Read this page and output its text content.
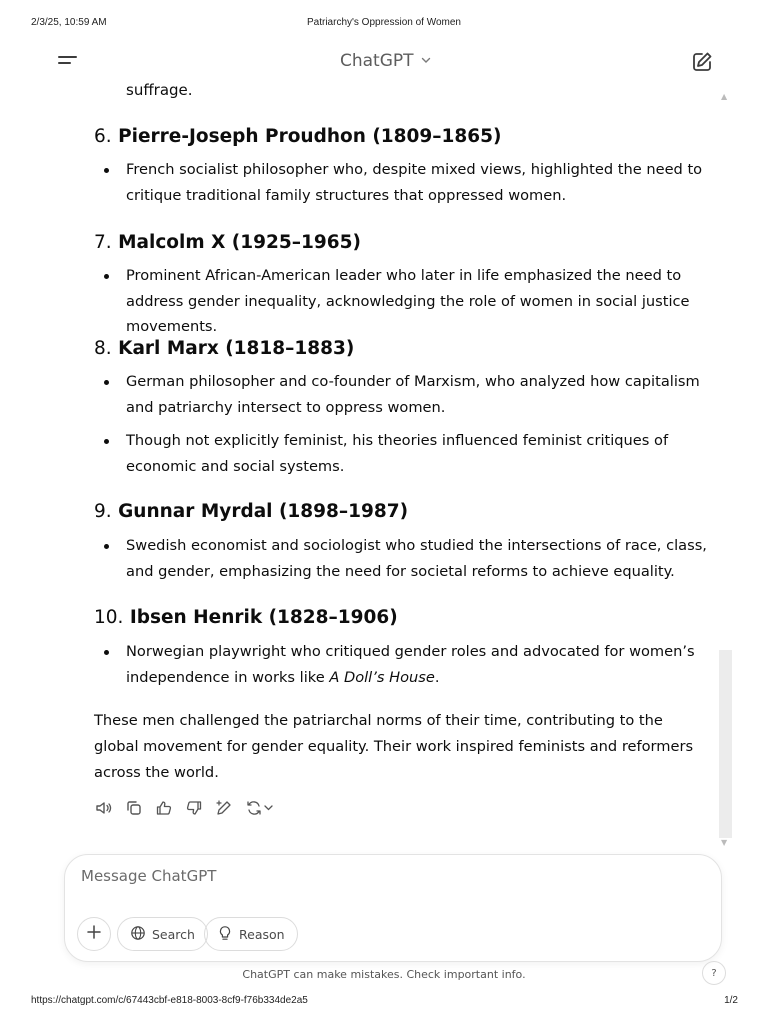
2/3/25, 10:59 AM	Patriarchy's Oppression of Women
ChatGPT
suffrage.
6. Pierre-Joseph Proudhon (1809–1865)
French socialist philosopher who, despite mixed views, highlighted the need to critique traditional family structures that oppressed women.
7. Malcolm X (1925–1965)
Prominent African-American leader who later in life emphasized the need to address gender inequality, acknowledging the role of women in social justice movements.
8. Karl Marx (1818–1883)
German philosopher and co-founder of Marxism, who analyzed how capitalism and patriarchy intersect to oppress women.
Though not explicitly feminist, his theories influenced feminist critiques of economic and social systems.
9. Gunnar Myrdal (1898–1987)
Swedish economist and sociologist who studied the intersections of race, class, and gender, emphasizing the need for societal reforms to achieve equality.
10. Ibsen Henrik (1828–1906)
Norwegian playwright who critiqued gender roles and advocated for women’s independence in works like A Doll’s House.
These men challenged the patriarchal norms of their time, contributing to the global movement for gender equality. Their work inspired feminists and reformers across the world.
▲
▼
Message ChatGPT
Search	Reason
ChatGPT can make mistakes. Check important info.	?
https://chatgpt.com/c/67443cbf-e818-8003-8cf9-f76b334de2a5	1/2
